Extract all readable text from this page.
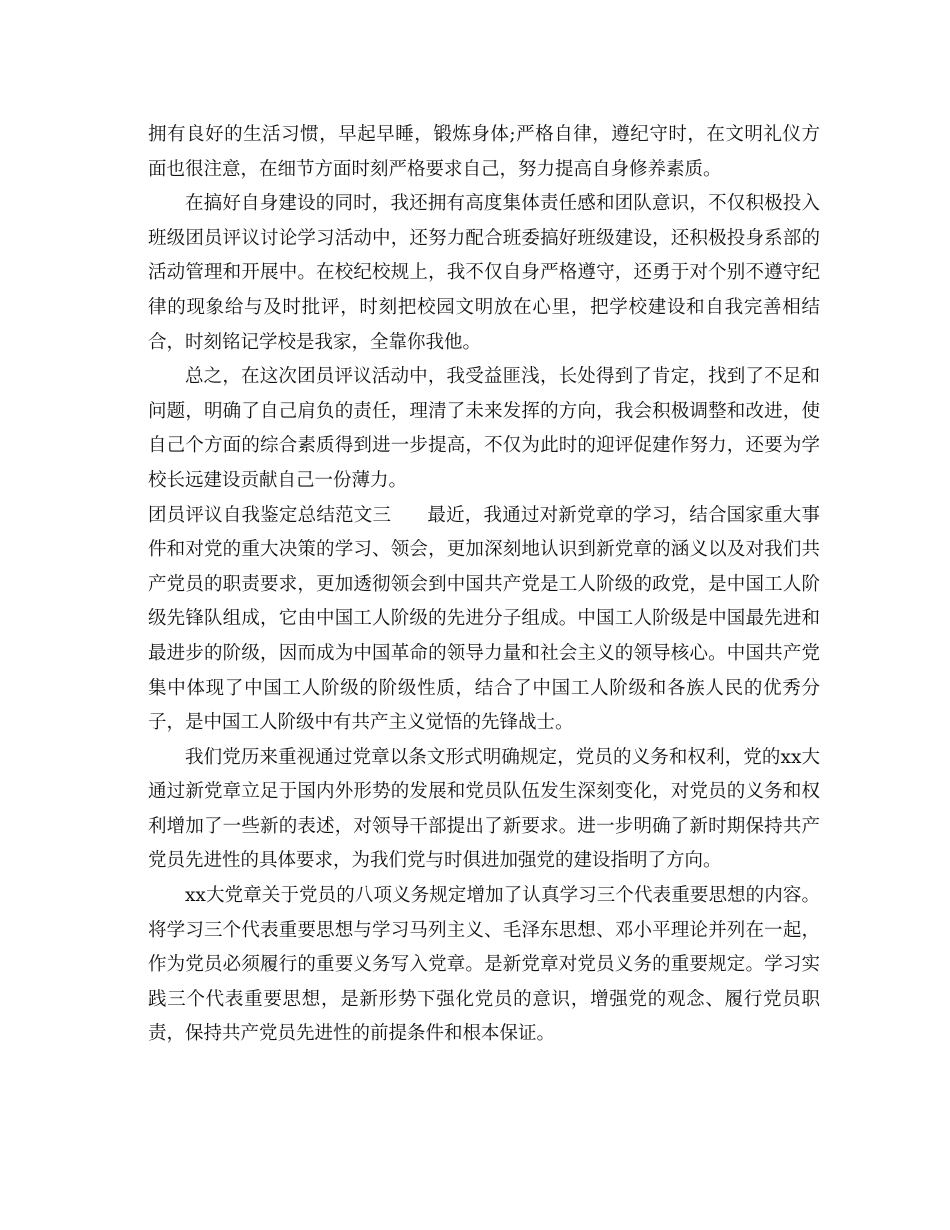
拥有良好的生活习惯，早起早睡，锻炼身体;严格自律，遵纪守时，在文明礼仪方面也很注意，在细节方面时刻严格要求自己，努力提高自身修养素质。

在搞好自身建设的同时，我还拥有高度集体责任感和团队意识，不仅积极投入班级团员评议讨论学习活动中，还努力配合班委搞好班级建设，还积极投身系部的活动管理和开展中。在校纪校规上，我不仅自身严格遵守，还勇于对个别不遵守纪律的现象给与及时批评，时刻把校园文明放在心里，把学校建设和自我完善相结合，时刻铭记学校是我家，全靠你我他。

总之，在这次团员评议活动中，我受益匪浅，长处得到了肯定，找到了不足和问题，明确了自己肩负的责任，理清了未来发挥的方向，我会积极调整和改进，使自己个方面的综合素质得到进一步提高，不仅为此时的迎评促建作努力，还要为学校长远建设贡献自己一份薄力。

团员评议自我鉴定总结范文三 最近，我通过对新党章的学习，结合国家重大事件和对党的重大决策的学习、领会，更加深刻地认识到新党章的涵义以及对我们共产党员的职责要求，更加透彻领会到中国共产党是工人阶级的政党，是中国工人阶级先锋队组成，它由中国工人阶级的先进分子组成。中国工人阶级是中国最先进和最进步的阶级，因而成为中国革命的领导力量和社会主义的领导核心。中国共产党集中体现了中国工人阶级的阶级性质，结合了中国工人阶级和各族人民的优秀分子，是中国工人阶级中有共产主义觉悟的先锋战士。

我们党历来重视通过党章以条文形式明确规定，党员的义务和权利，党的xx大通过新党章立足于国内外形势的发展和党员队伍发生深刻变化，对党员的义务和权利增加了一些新的表述，对领导干部提出了新要求。进一步明确了新时期保持共产党员先进性的具体要求，为我们党与时俱进加强党的建设指明了方向。

xx大党章关于党员的八项义务规定增加了认真学习三个代表重要思想的内容。将学习三个代表重要思想与学习马列主义、毛泽东思想、邓小平理论并列在一起，作为党员必须履行的重要义务写入党章。是新党章对党员义务的重要规定。学习实践三个代表重要思想，是新形势下强化党员的意识，增强党的观念、履行党员职责，保持共产党员先进性的前提条件和根本保证。
